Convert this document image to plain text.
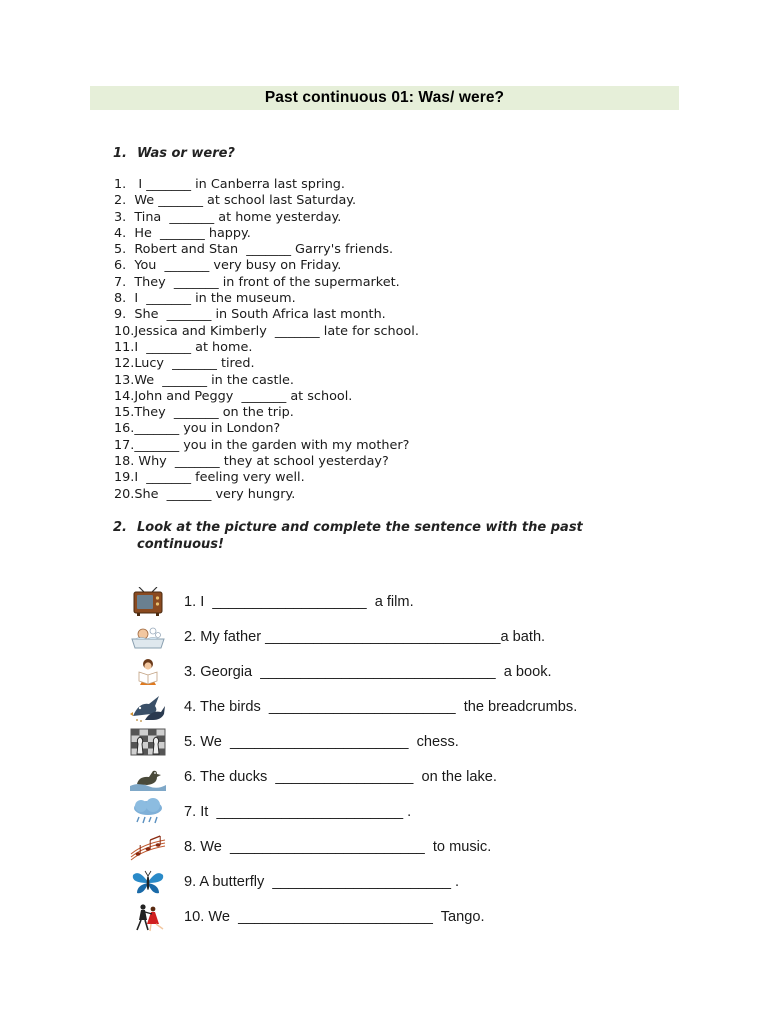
Past continuous 01: Was/ were?
1. Was or were?
1.   I _______ in Canberra last spring.
2.  We _______ at school last Saturday.
3.  Tina  _______ at home yesterday.
4.  He  _______ happy.
5.  Robert and Stan  _______ Garry's friends.
6.  You  _______ very busy on Friday.
7.  They  _______ in front of the supermarket.
8.  I  _______ in the museum.
9.  She  _______ in South Africa last month.
10.Jessica and Kimberly  _______ late for school.
11.I  _______ at home.
12.Lucy  _______ tired.
13.We  _______ in the castle.
14.John and Peggy  _______ at school.
15.They  _______ on the trip.
16._______ you in London?
17._______ you in the garden with my mother?
18. Why  _______ they at school yesterday?
19.I  _______ feeling very well.
20.She  _______ very hungry.
2. Look at the picture and complete the sentence with the past continuous!
1. I  ___________________  a film.
2. My father _____________________________a bath.
3. Georgia  _____________________________  a book.
4. The birds  _______________________  the breadcrumbs.
5. We  ______________________  chess.
6. The ducks  _________________  on the lake.
7. It  _______________________ .
8. We  ________________________  to music.
9. A butterfly  ______________________ .
10. We  ________________________  Tango.
